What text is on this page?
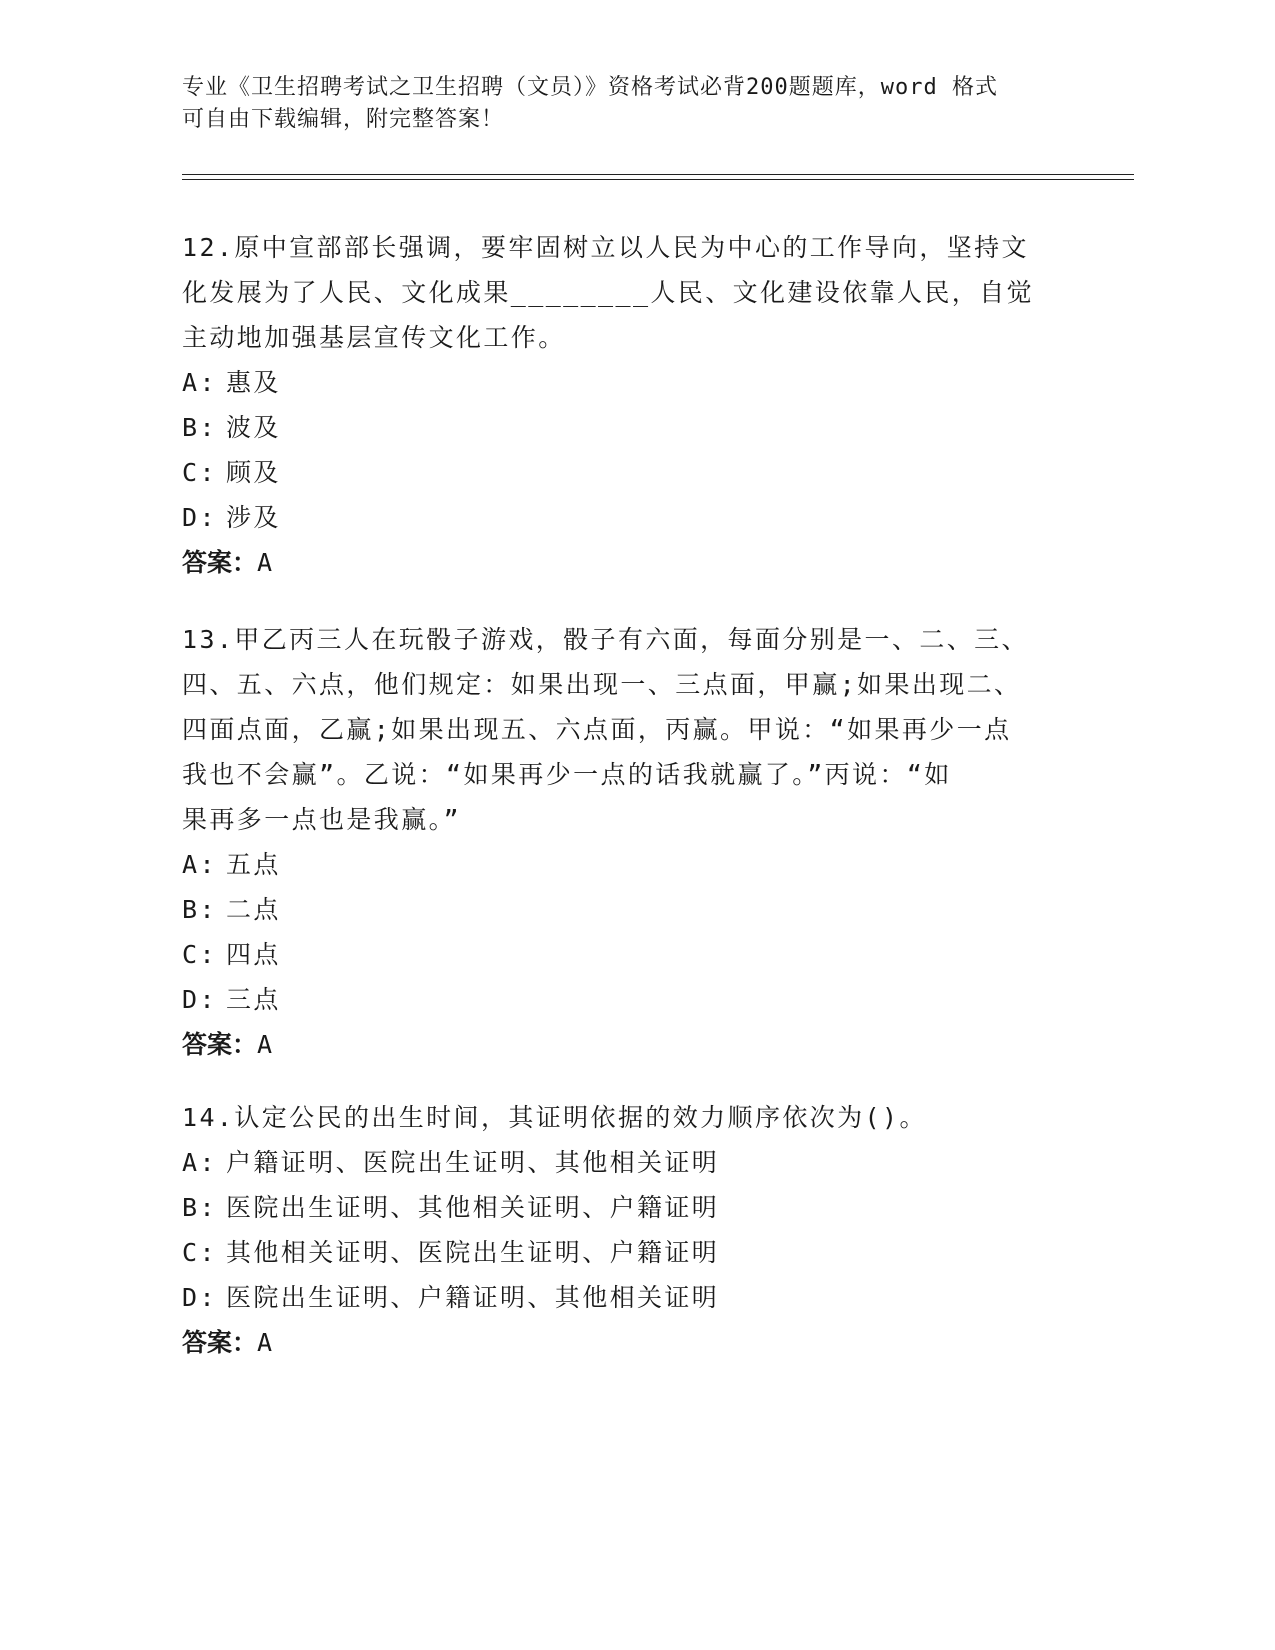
专业《卫生招聘考试之卫生招聘（文员）》资格考试必背200题题库，word 格式
可自由下载编辑，附完整答案！
12.原中宣部部长强调，要牢固树立以人民为中心的工作导向，坚持文
化发展为了人民、文化成果________人民、文化建设依靠人民，自觉
主动地加强基层宣传文化工作。
A: 惠及
B: 波及
C: 顾及
D: 涉及
答案：A
13.甲乙丙三人在玩骰子游戏，骰子有六面，每面分别是一、二、三、
四、五、六点，他们规定：如果出现一、三点面，甲赢;如果出现二、
四面点面，乙赢;如果出现五、六点面，丙赢。甲说：“如果再少一点
我也不会赢”。乙说：“如果再少一点的话我就赢了。”丙说：“如
果再多一点也是我赢。”
A: 五点
B: 二点
C: 四点
D: 三点
答案：A
14.认定公民的出生时间，其证明依据的效力顺序依次为()。
A: 户籍证明、医院出生证明、其他相关证明
B: 医院出生证明、其他相关证明、户籍证明
C: 其他相关证明、医院出生证明、户籍证明
D: 医院出生证明、户籍证明、其他相关证明
答案：A
